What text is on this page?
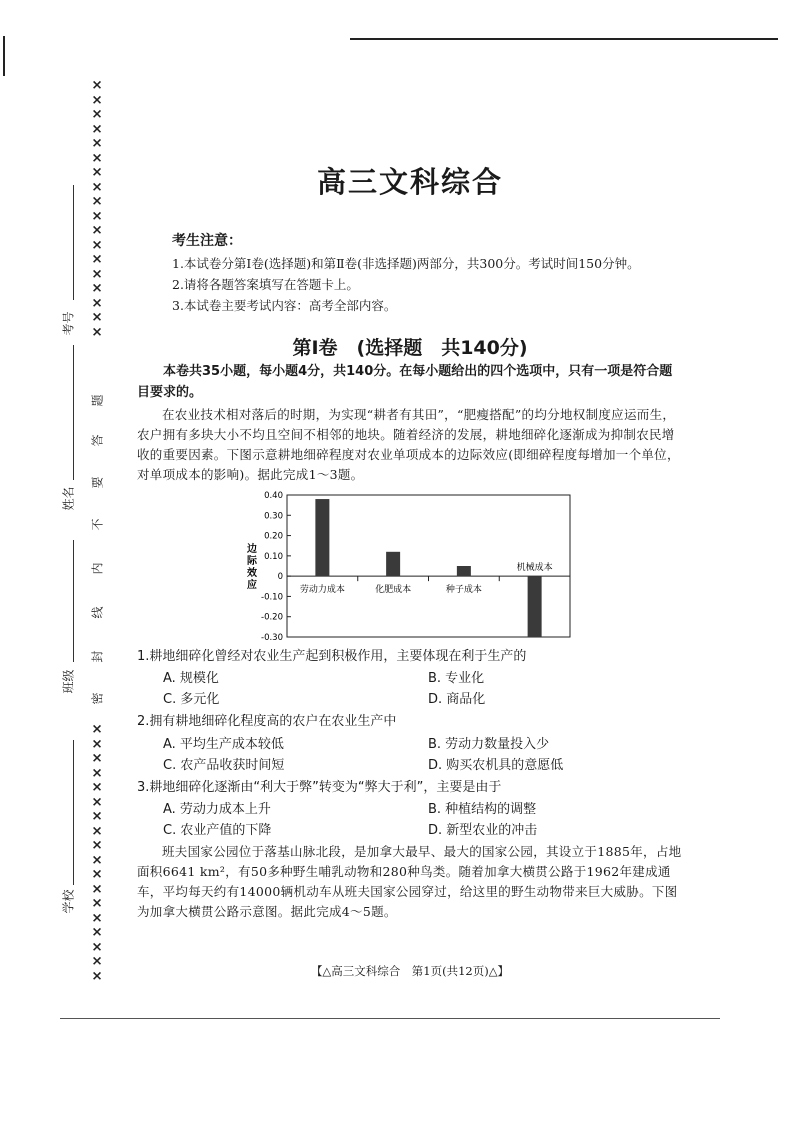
××××××××××××××××××
题
答
要
不
内
线
封
密
××××××××××××××××××
考号
姓名
班级
学校
高三文科综合
考生注意：
1.本试卷分第Ⅰ卷(选择题)和第Ⅱ卷(非选择题)两部分，共300分。考试时间150分钟。
2.请将各题答案填写在答题卡上。
3.本试卷主要考试内容：高考全部内容。
第Ⅰ卷　(选择题　共140分)
本卷共35小题，每小题4分，共140分。在每小题给出的四个选项中，只有一项是符合题目要求的。
在农业技术相对落后的时期，为实现“耕者有其田”，“肥瘦搭配”的均分地权制度应运而生，农户拥有多块大小不均且空间不相邻的地块。随着经济的发展，耕地细碎化逐渐成为抑制农民增收的重要因素。下图示意耕地细碎程度对农业单项成本的边际效应(即细碎程度每增加一个单位，对单项成本的影响)。据此完成1～3题。
0.40
0.30
0.20
0.10
0
-0.10
-0.20
-0.30
劳动力成本	化肥成本	种子成本
机械成本
边
际
效
应
1.耕地细碎化曾经对农业生产起到积极作用，主要体现在利于生产的
A. 规模化	B. 专业化
C. 多元化	D. 商品化
2.拥有耕地细碎化程度高的农户在农业生产中
A. 平均生产成本较低	B. 劳动力数量投入少
C. 农产品收获时间短	D. 购买农机具的意愿低
3.耕地细碎化逐渐由“利大于弊”转变为“弊大于利”，主要是由于
A. 劳动力成本上升	B. 种植结构的调整
C. 农业产值的下降	D. 新型农业的冲击
班夫国家公园位于落基山脉北段，是加拿大最早、最大的国家公园，其设立于1885年，占地面积6641 km²，有50多种野生哺乳动物和280种鸟类。随着加拿大横贯公路于1962年建成通车，平均每天约有14000辆机动车从班夫国家公园穿过，给这里的野生动物带来巨大威胁。下图为加拿大横贯公路示意图。据此完成4～5题。
【△高三文科综合　第1页(共12页)△】
